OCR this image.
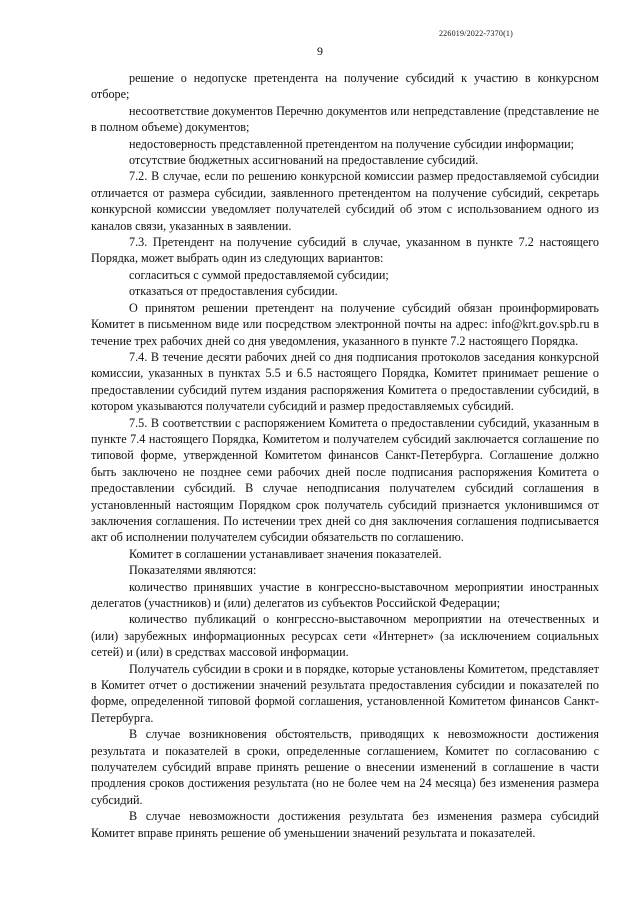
226019/2022-7370(1)
9

решение о недопуске претендента на получение субсидий к участию в конкурсном отборе;

несоответствие документов Перечню документов или непредставление (представление не в полном объеме) документов;

недостоверность представленной претендентом на получение субсидии информации;

отсутствие бюджетных ассигнований на предоставление субсидий.

7.2. В случае, если по решению конкурсной комиссии размер предоставляемой субсидии отличается от размера субсидии, заявленного претендентом на получение субсидий, секретарь конкурсной комиссии уведомляет получателей субсидий об этом с использованием одного из каналов связи, указанных в заявлении.

7.3. Претендент на получение субсидий в случае, указанном в пункте 7.2 настоящего Порядка, может выбрать один из следующих вариантов:

согласиться с суммой предоставляемой субсидии;

отказаться от предоставления субсидии.

О принятом решении претендент на получение субсидий обязан проинформировать Комитет в письменном виде или посредством электронной почты на адрес: info@krt.gov.spb.ru в течение трех рабочих дней со дня уведомления, указанного в пункте 7.2 настоящего Порядка.

7.4. В течение десяти рабочих дней со дня подписания протоколов заседания конкурсной комиссии, указанных в пунктах 5.5 и 6.5 настоящего Порядка, Комитет принимает решение о предоставлении субсидий путем издания распоряжения Комитета о предоставлении субсидий, в котором указываются получатели субсидий и размер предоставляемых субсидий.

7.5. В соответствии с распоряжением Комитета о предоставлении субсидий, указанным в пункте 7.4 настоящего Порядка, Комитетом и получателем субсидий заключается соглашение по типовой форме, утвержденной Комитетом финансов Санкт-Петербурга. Соглашение должно быть заключено не позднее семи рабочих дней после подписания распоряжения Комитета о предоставлении субсидий. В случае неподписания получателем субсидий соглашения в установленный настоящим Порядком срок получатель субсидий признается уклонившимся от заключения соглашения. По истечении трех дней со дня заключения соглашения подписывается акт об исполнении получателем субсидии обязательств по соглашению.

Комитет в соглашении устанавливает значения показателей.

Показателями являются:

количество принявших участие в конгрессно-выставочном мероприятии иностранных делегатов (участников) и (или) делегатов из субъектов Российской Федерации;

количество публикаций о конгрессно-выставочном мероприятии на отечественных и (или) зарубежных информационных ресурсах сети «Интернет» (за исключением социальных сетей) и (или) в средствах массовой информации.

Получатель субсидии в сроки и в порядке, которые установлены Комитетом, представляет в Комитет отчет о достижении значений результата предоставления субсидии и показателей по форме, определенной типовой формой соглашения, установленной Комитетом финансов Санкт-Петербурга.

В случае возникновения обстоятельств, приводящих к невозможности достижения результата и показателей в сроки, определенные соглашением, Комитет по согласованию с получателем субсидий вправе принять решение о внесении изменений в соглашение в части продления сроков достижения результата (но не более чем на 24 месяца) без изменения размера субсидий.

В случае невозможности достижения результата без изменения размера субсидий Комитет вправе принять решение об уменьшении значений результата и показателей.
